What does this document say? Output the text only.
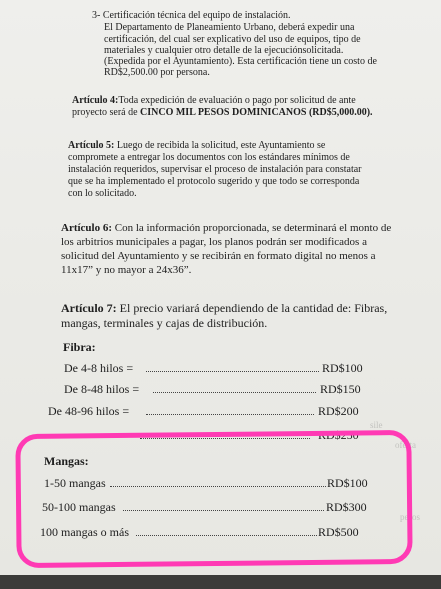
3- Certificación técnica del equipo de instalación.
El Departamento de Planeamiento Urbano, deberá expedir una
certificación, del cual ser explicativo del uso de equipos, tipo de
materiales y cualquier otro detalle de la ejecuciónsolicitada.
(Expedida por el Ayuntamiento). Esta certificación tiene un costo de
RD$2,500.00 por persona.
Artículo 4:Toda expedición de evaluación o pago por solicitud de ante
proyecto será de CINCO MIL PESOS DOMINICANOS (RD$5,000.00).
Artículo 5: Luego de recibida la solicitud, este Ayuntamiento se
compromete a entregar los documentos con los estándares mínimos de
instalación requeridos, supervisar el proceso de instalación para constatar
que se ha implementado el protocolo sugerido y que todo se corresponda
con lo solicitado.
Artículo 6: Con la información proporcionada, se determinará el monto de
los arbitrios municipales a pagar, los planos podrán ser modificados a
solicitud del Ayuntamiento y se recibirán en formato digital no menos a
11x17” y no mayor a 24x36”.
Artículo 7: El precio variará dependiendo de la cantidad de: Fibras,
mangas, terminales y cajas de distribución.
Fibra:
De 4-8 hilos =	RD$100
De 8-48 hilos =	RD$150
De 48-96 hilos =	RD$200
RD$250
sile
oferta
pesos
Mangas:
1-50 mangas	RD$100
50-100 mangas	RD$300
100 mangas o más	RD$500
